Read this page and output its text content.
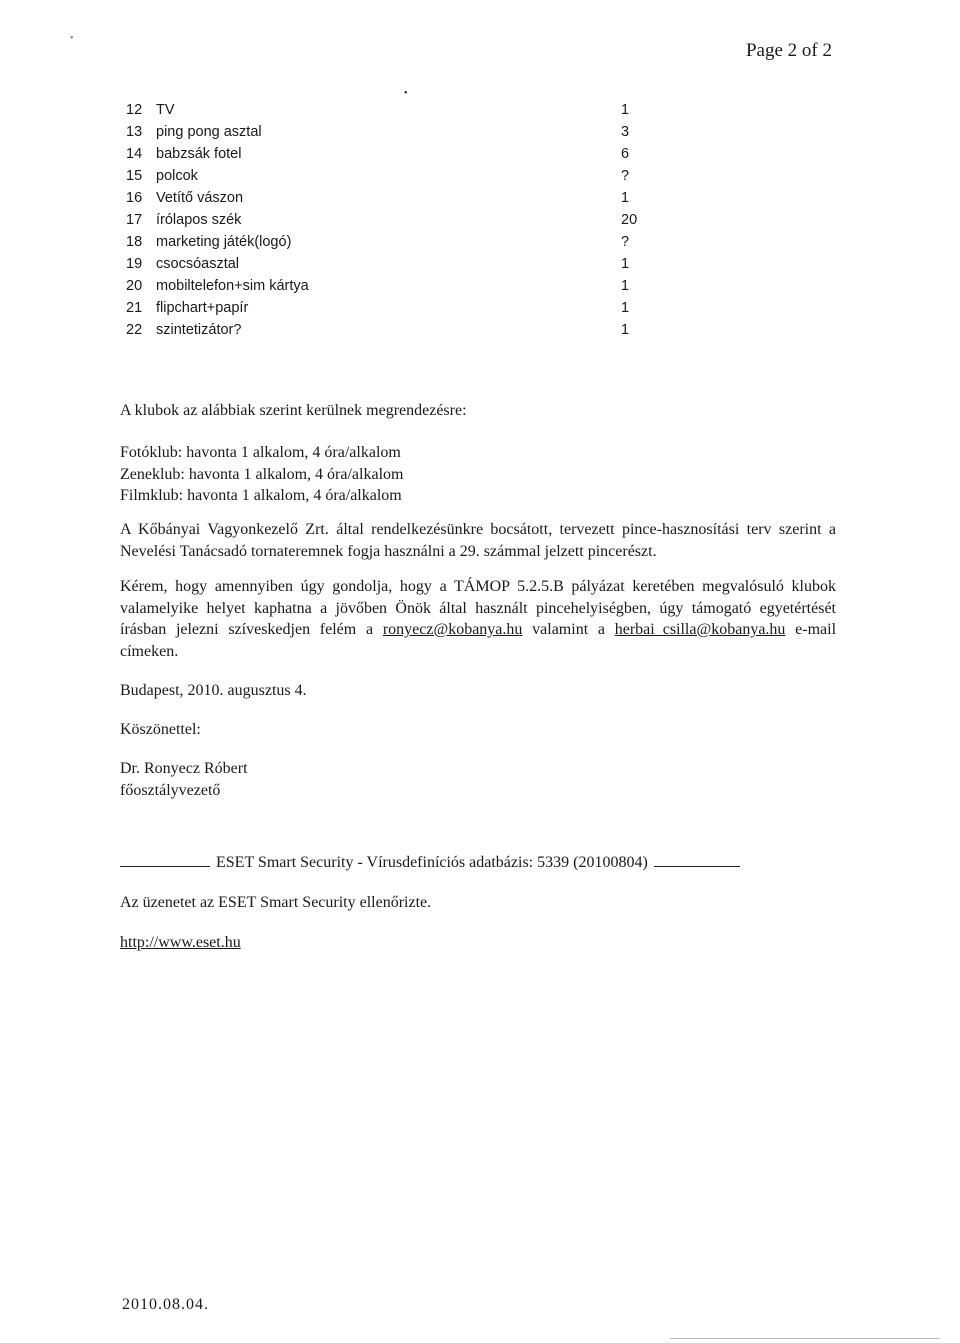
•
•
Page 2 of 2
12 TV	1
13 ping pong asztal	3
14 babzsák fotel	6
15 polcok	?
16 Vetítő vászon	1
17 írólapos szék	20
18 marketing játék(logó)	?
19 csocsóasztal	1
20 mobiltelefon+sim kártya	1
21 flipchart+papír	1
22 szintetizátor?	1

A klubok az alábbiak szerint kerülnek megrendezésre:

Fotóklub: havonta 1 alkalom, 4 óra/alkalom
Zeneklub: havonta 1 alkalom, 4 óra/alkalom
Filmklub: havonta 1 alkalom, 4 óra/alkalom

A Kőbányai Vagyonkezelő Zrt. által rendelkezésünkre bocsátott, tervezett pince-hasznosítási terv szerint a Nevelési Tanácsadó tornateremnek fogja használni a 29. számmal jelzett pincerészt.

Kérem, hogy amennyiben úgy gondolja, hogy a TÁMOP 5.2.5.B pályázat keretében megvalósuló klubok valamelyike helyet kaphatna a jövőben Önök által használt pincehelyiségben, úgy támogató egyetértését írásban jelezni szíveskedjen felém a ronyecz@kobanya.hu valamint a herbai_csilla@kobanya.hu e-mail címeken.

Budapest, 2010. augusztus 4.
Köszönettel:
Dr. Ronyecz Róbert
főosztályvezető
ESET Smart Security - Vírusdefiníciós adatbázis: 5339 (20100804)
Az üzenetet az ESET Smart Security ellenőrizte.
http://www.eset.hu
2010.08.04.
